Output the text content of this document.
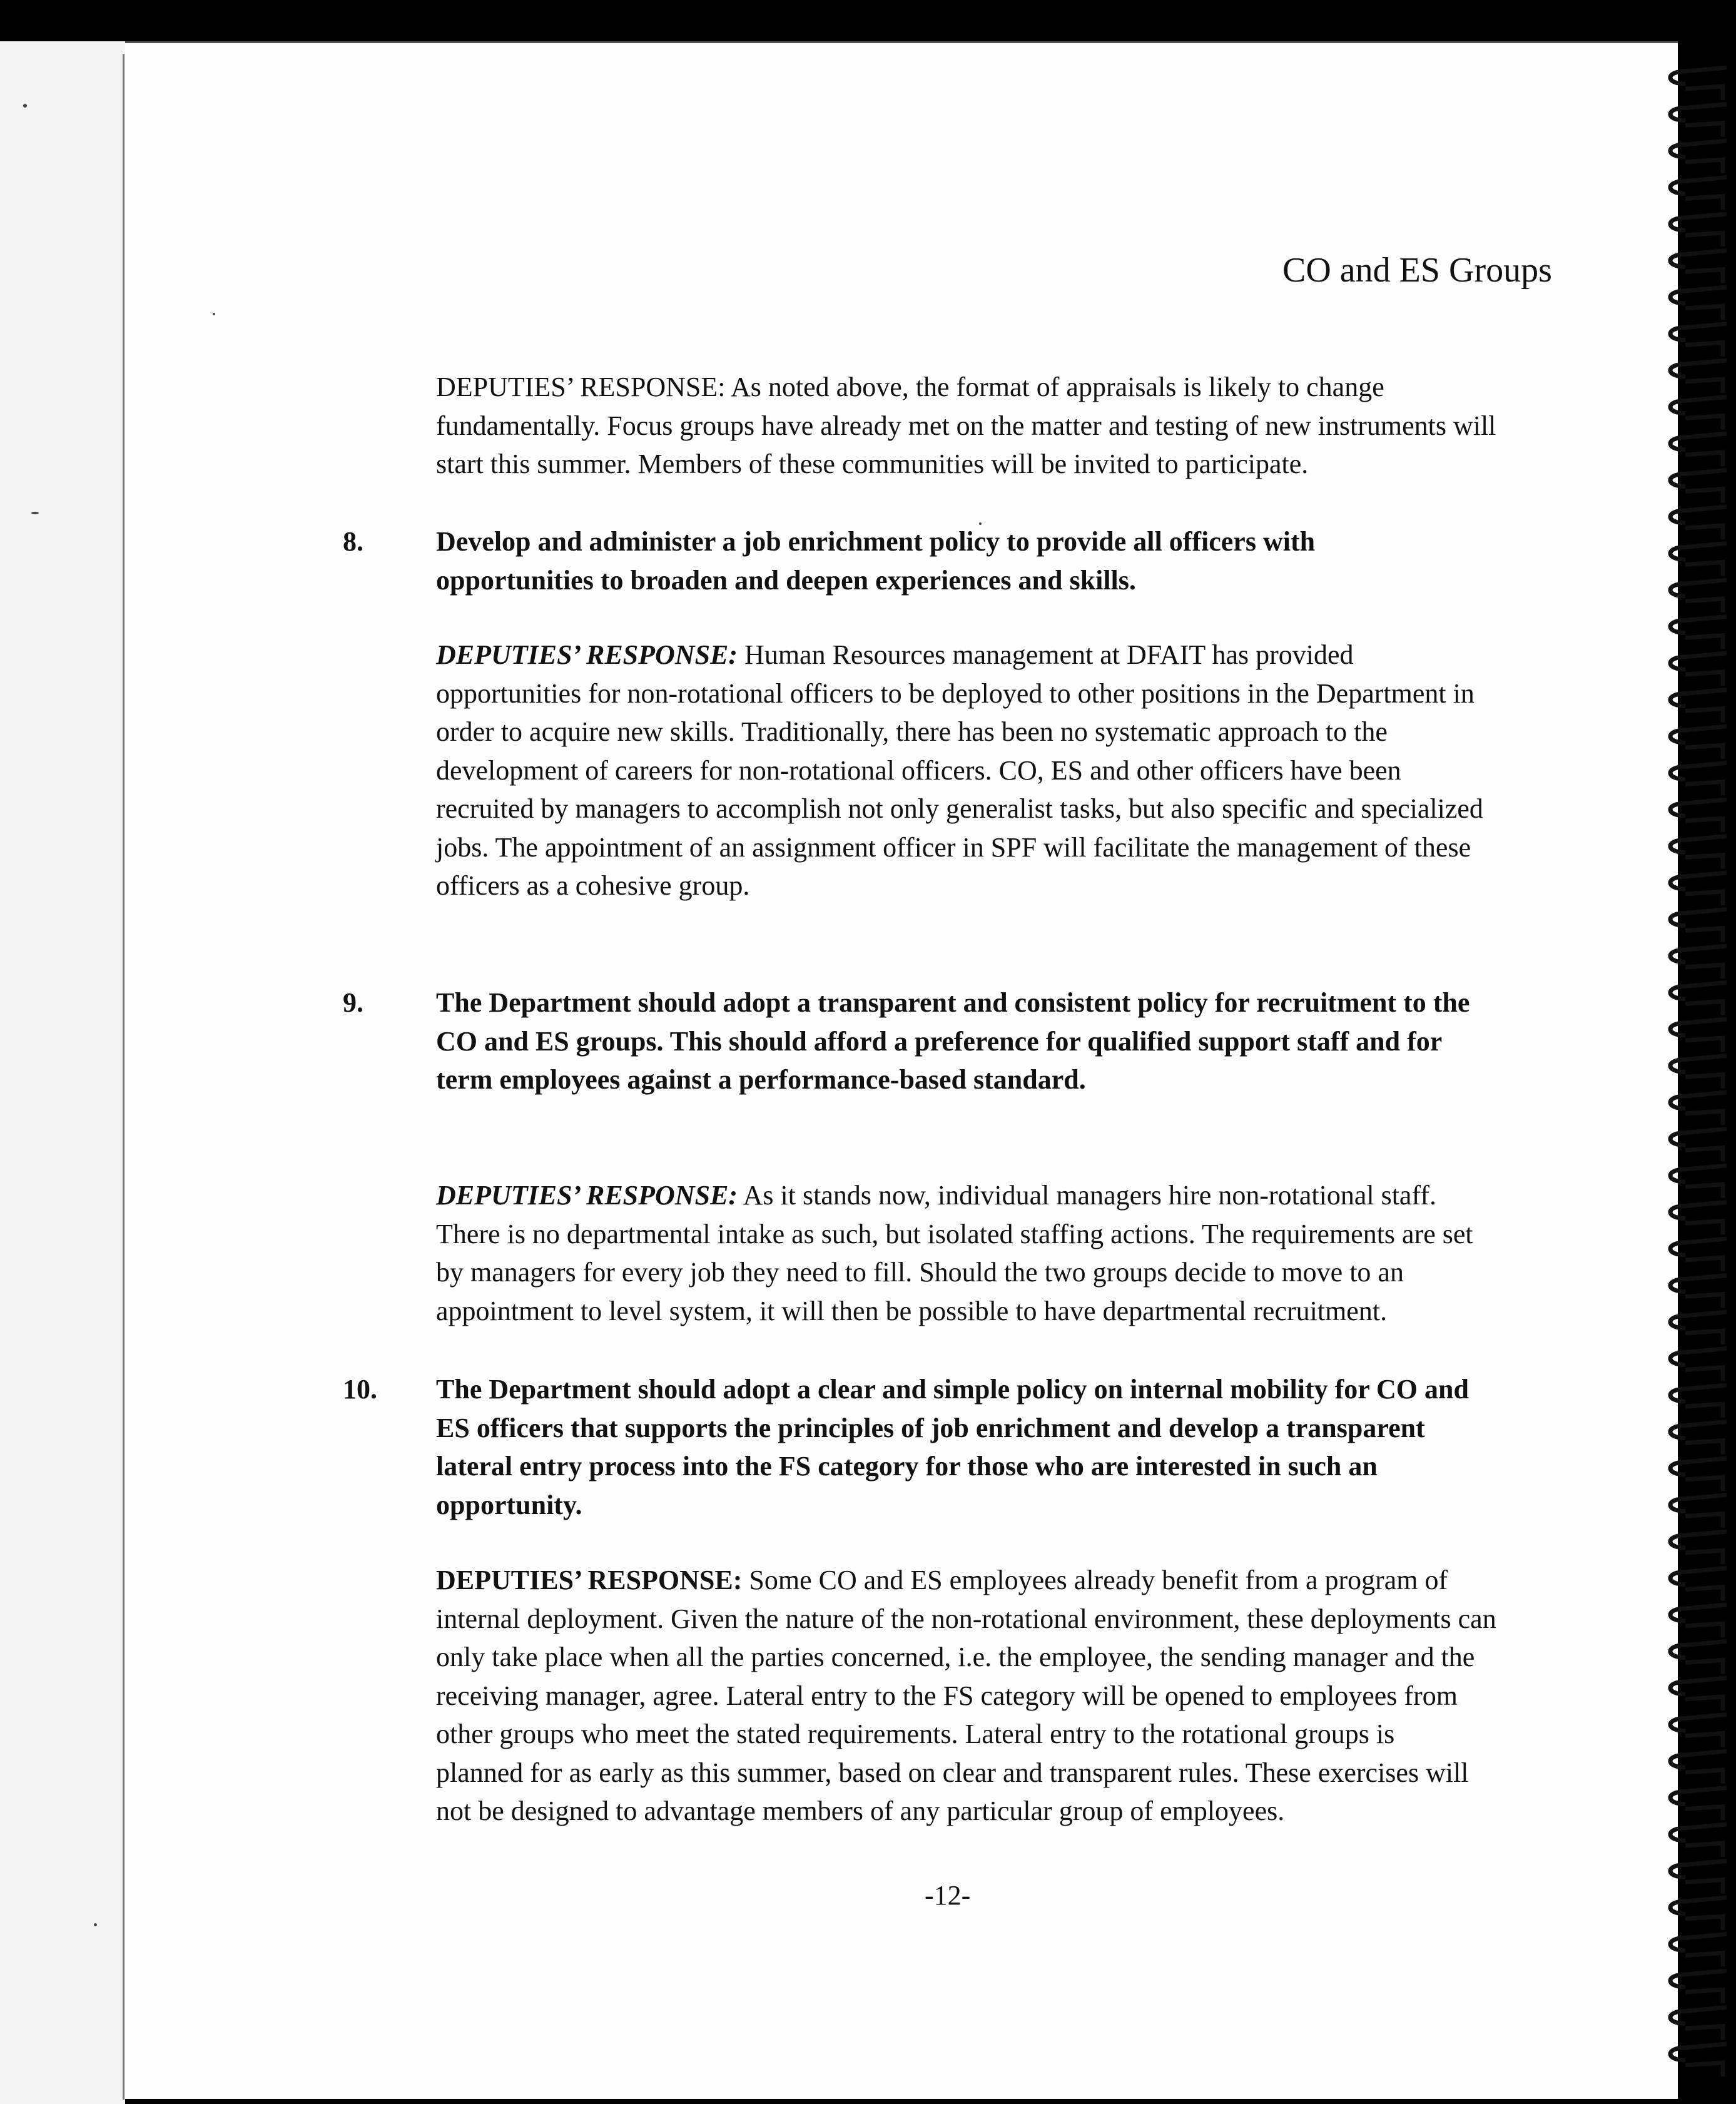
CO and ES Groups

DEPUTIES’ RESPONSE: As noted above, the format of appraisals is likely to change
fundamentally. Focus groups have already met on the matter and testing of new instruments will
start this summer. Members of these communities will be invited to participate.

8.	Develop and administer a job enrichment policy to provide all officers with
opportunities to broaden and deepen experiences and skills.

DEPUTIES’ RESPONSE: Human Resources management at DFAIT has provided
opportunities for non-rotational officers to be deployed to other positions in the Department in
order to acquire new skills. Traditionally, there has been no systematic approach to the
development of careers for non-rotational officers. CO, ES and other officers have been
recruited by managers to accomplish not only generalist tasks, but also specific and specialized
jobs. The appointment of an assignment officer in SPF will facilitate the management of these
officers as a cohesive group.

9.	The Department should adopt a transparent and consistent policy for recruitment to the
CO and ES groups. This should afford a preference for qualified support staff and for
term employees against a performance-based standard.

DEPUTIES’ RESPONSE: As it stands now, individual managers hire non-rotational staff.
There is no departmental intake as such, but isolated staffing actions. The requirements are set
by managers for every job they need to fill. Should the two groups decide to move to an
appointment to level system, it will then be possible to have departmental recruitment.

10. The Department should adopt a clear and simple policy on internal mobility for CO and
ES officers that supports the principles of job enrichment and develop a transparent
lateral entry process into the FS category for those who are interested in such an
opportunity.

DEPUTIES’ RESPONSE: Some CO and ES employees already benefit from a program of
internal deployment. Given the nature of the non-rotational environment, these deployments can
only take place when all the parties concerned, i.e. the employee, the sending manager and the
receiving manager, agree. Lateral entry to the FS category will be opened to employees from
other groups who meet the stated requirements. Lateral entry to the rotational groups is
planned for as early as this summer, based on clear and transparent rules. These exercises will
not be designed to advantage members of any particular group of employees.

-12-
